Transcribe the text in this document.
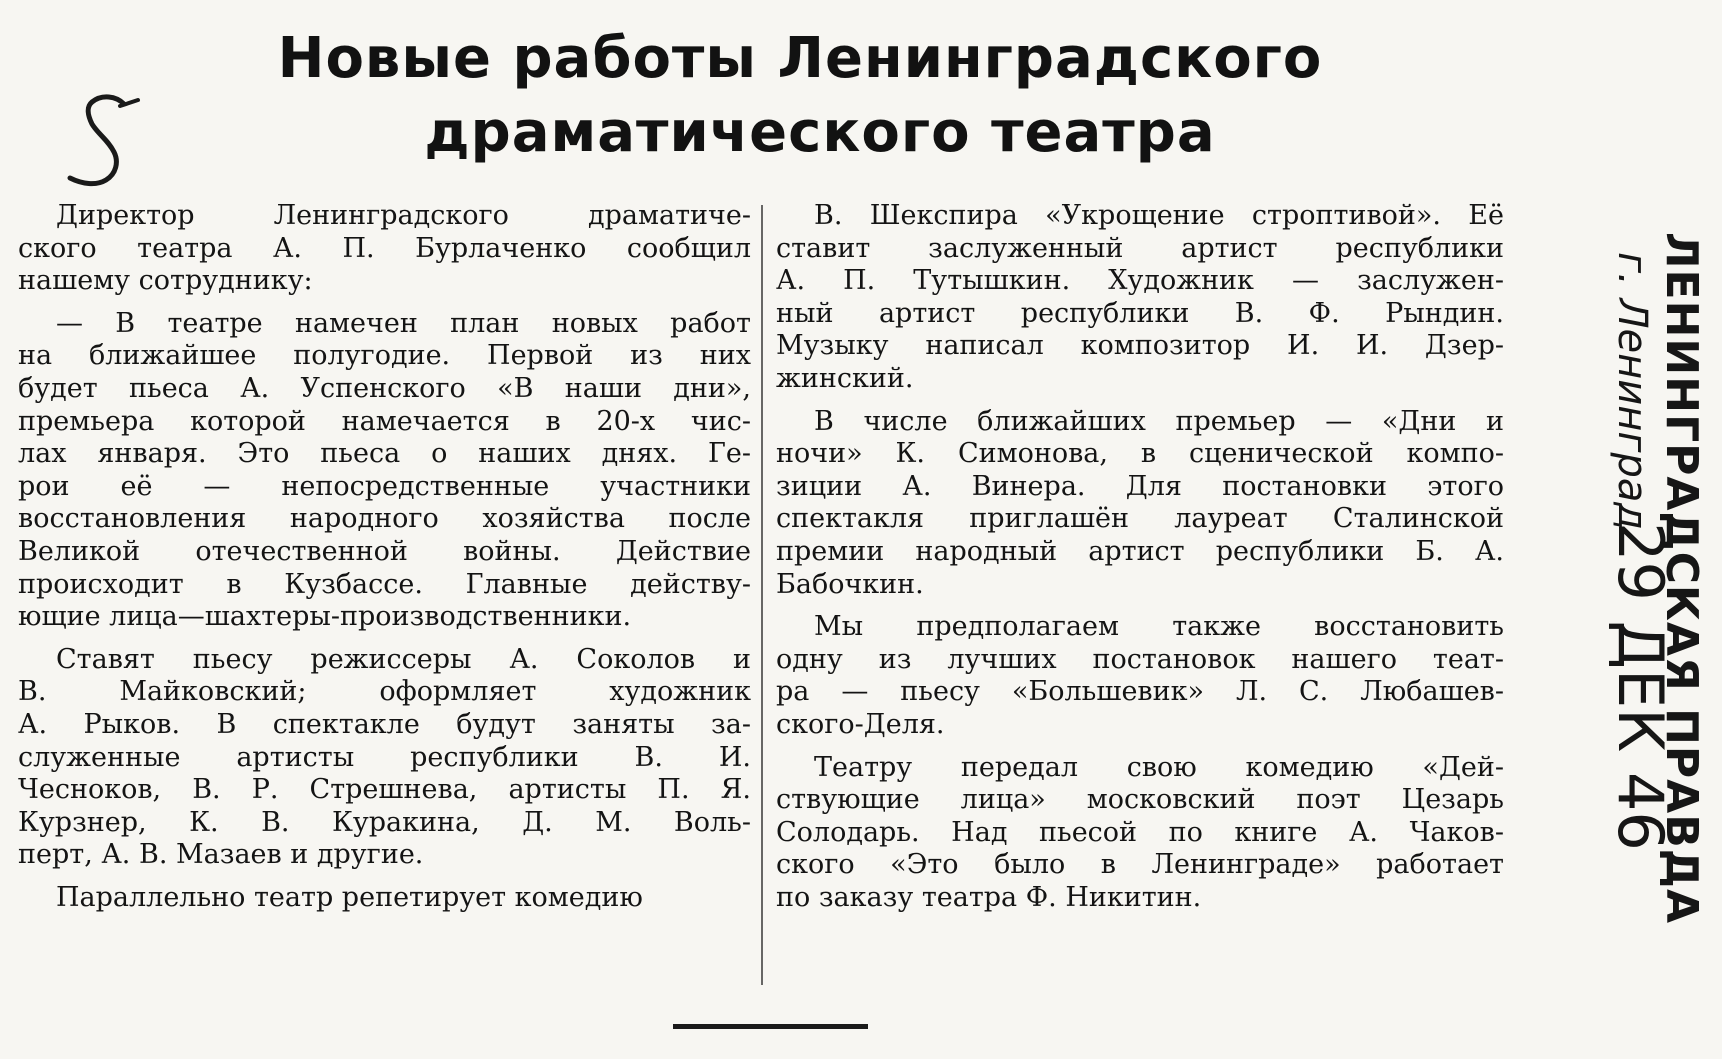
Новые работы Ленинградского
драматического театра

Директор Ленинградского драматиче-
ского театра А. П. Бурлаченко сообщил
нашему сотруднику:

— В театре намечен план новых работ
на ближайшее полугодие. Первой из них
будет пьеса А. Успенского «В наши дни»,
премьера которой намечается в 20-х чис-
лах января. Это пьеса о наших днях. Ге-
рои её — непосредственные участники
восстановления народного хозяйства после
Великой отечественной войны. Действие
происходит в Кузбассе. Главные действу-
ющие лица—шахтеры-производственники.

Ставят пьесу режиссеры А. Соколов и
В. Майковский; оформляет художник
А. Рыков. В спектакле будут заняты за-
служенные артисты республики В. И.
Чесноков, В. Р. Стрешнева, артисты П. Я.
Курзнер, К. В. Куракина, Д. М. Воль-
перт, А. В. Мазаев и другие.

Параллельно театр репетирует комедию

В. Шекспира «Укрощение строптивой». Её
ставит заслуженный артист республики
А. П. Тутышкин. Художник — заслужен-
ный артист республики В. Ф. Рындин.
Музыку написал композитор И. И. Дзер-
жинский.

В числе ближайших премьер — «Дни и
ночи» К. Симонова, в сценической компо-
зиции А. Винера. Для постановки этого
спектакля приглашён лауреат Сталинской
премии народный артист республики Б. А.
Бабочкин.

Мы предполагаем также восстановить
одну из лучших постановок нашего теат-
ра — пьесу «Большевик» Л. С. Любашев-
ского-Деля.

Театру передал свою комедию «Дей-
ствующие лица» московский поэт Цезарь
Солодарь. Над пьесой по книге А. Чаков-
ского «Это было в Ленинграде» работает
по заказу театра Ф. Никитин.	ЛЕНИНГРАДСКАЯ ПРАВДА
г. Ленинград
29 ДЕК 46
